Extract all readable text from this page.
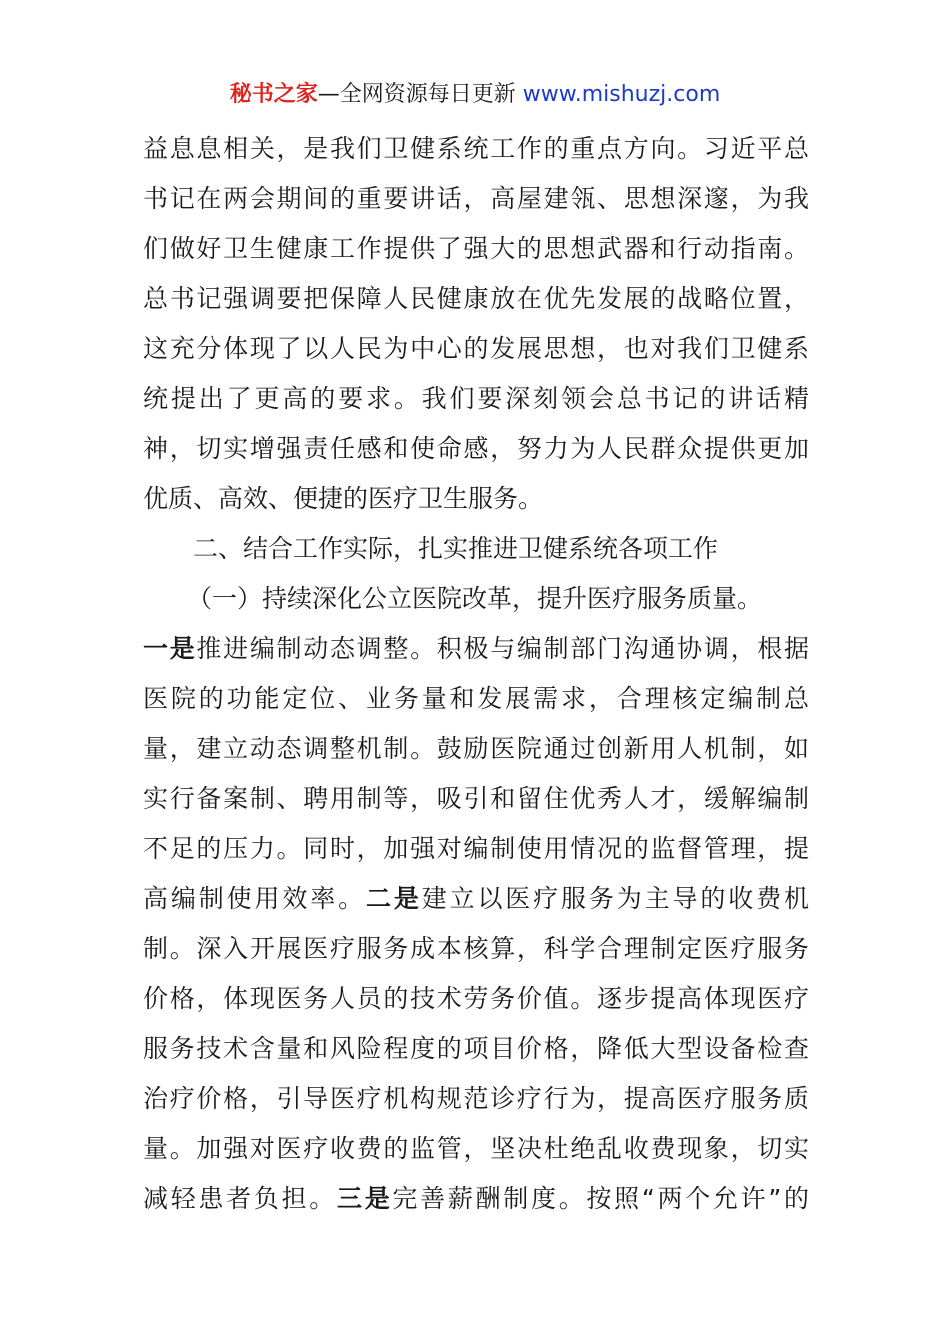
秘书之家—全网资源每日更新 www.mishuzj.com
益息息相关，是我们卫健系统工作的重点方向。习近平总
书记在两会期间的重要讲话，高屋建瓴、思想深邃，为我
们做好卫生健康工作提供了强大的思想武器和行动指南。
总书记强调要把保障人民健康放在优先发展的战略位置，
这充分体现了以人民为中心的发展思想，也对我们卫健系
统提出了更高的要求。我们要深刻领会总书记的讲话精
神，切实增强责任感和使命感，努力为人民群众提供更加
优质、高效、便捷的医疗卫生服务。
二、结合工作实际，扎实推进卫健系统各项工作
（一）持续深化公立医院改革，提升医疗服务质量。
一是推进编制动态调整。积极与编制部门沟通协调，根据
医院的功能定位、业务量和发展需求，合理核定编制总
量，建立动态调整机制。鼓励医院通过创新用人机制，如
实行备案制、聘用制等，吸引和留住优秀人才，缓解编制
不足的压力。同时，加强对编制使用情况的监督管理，提
高编制使用效率。二是建立以医疗服务为主导的收费机
制。深入开展医疗服务成本核算，科学合理制定医疗服务
价格，体现医务人员的技术劳务价值。逐步提高体现医疗
服务技术含量和风险程度的项目价格，降低大型设备检查
治疗价格，引导医疗机构规范诊疗行为，提高医疗服务质
量。加强对医疗收费的监管，坚决杜绝乱收费现象，切实
减轻患者负担。三是完善薪酬制度。按照“两个允许”的
